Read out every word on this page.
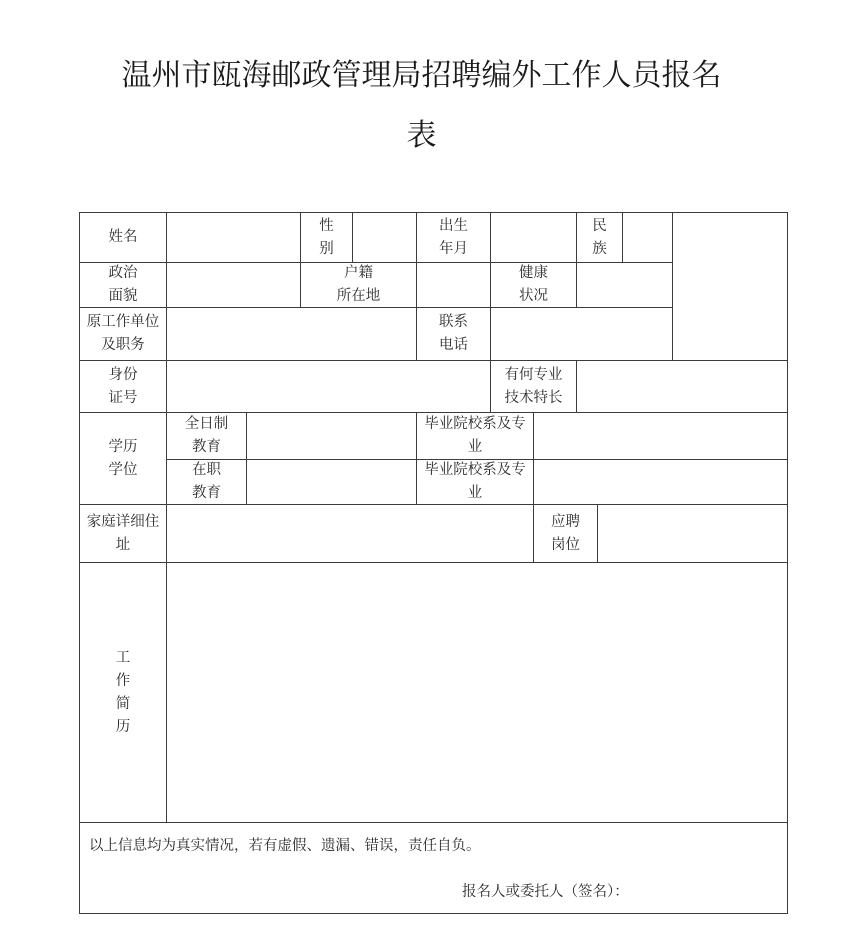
温州市瓯海邮政管理局招聘编外工作人员报名
表
姓名
性
别
出生
年月
民
族
政治
面貌
户籍
所在地
健康
状况
原工作单位
及职务
联系
电话
身份
证号
有何专业
技术特长
学历
学位
全日制
教育
毕业院校系及专
业
在职
教育
毕业院校系及专
业
家庭详细住
址
应聘
岗位
工
作
简
历
以上信息均为真实情况，若有虚假、遗漏、错误，责任自负。
报名人或委托人（签名）：
